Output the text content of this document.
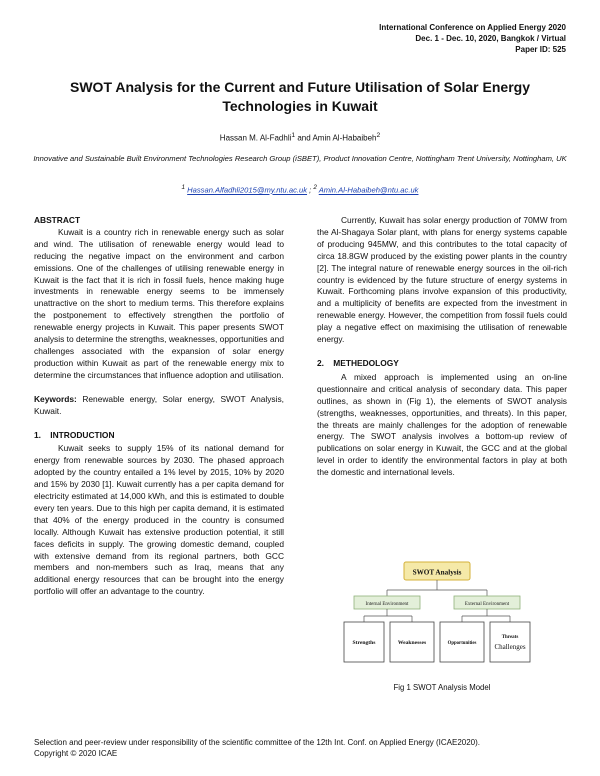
International Conference on Applied Energy 2020
Dec. 1 - Dec. 10, 2020, Bangkok / Virtual
Paper ID: 525
SWOT Analysis for the Current and Future Utilisation of Solar Energy Technologies in Kuwait
Hassan M. Al-Fadhli$^1$ and Amin Al-Habaibeh$^2$
Innovative and Sustainable Built Environment Technologies Research Group (iSBET), Product Innovation Centre, Nottingham Trent University, Nottingham, UK
$^1$ Hassan.Alfadhli2015@my.ntu.ac.uk ; $^2$ Amin.Al-Habaibeh@ntu.ac.uk

ABSTRACT

Kuwait is a country rich in renewable energy such as solar and wind. The utilisation of renewable energy would lead to reducing the negative impact on the environment and carbon emissions. One of the challenges of utilising renewable energy in Kuwait is the fact that it is rich in fossil fuels, hence making huge investments in renewable energy seems to be immensely unattractive on the short to medium terms. This therefore explains the postponement to effectively strengthen the portfolio of renewable energy projects in Kuwait. This paper presents SWOT analysis to determine the strengths, weaknesses, opportunities and challenges associated with the expansion of solar energy production within Kuwait as part of the renewable energy mix to determine the circumstances that influence adoption and utilisation.

Keywords: Renewable energy, Solar energy, SWOT Analysis, Kuwait.

1.    INTRODUCTION

Kuwait seeks to supply 15% of its national demand for energy from renewable sources by 2030. The phased approach adopted by the country entailed a 1% level by 2015, 10% by 2020 and 15% by 2030 [1]. Kuwait currently has a per capita demand for electricity estimated at 14,000 kWh, and this is estimated to double every ten years. Due to this high per capita demand, it is estimated that 40% of the energy produced in the country is consumed locally. Although Kuwait has extensive production potential, it still faces deficits in supply. The growing domestic demand, coupled with extensive demand from its regional partners, both GCC members and non-members such as Iraq, means that any additional energy resources that can be brought into the energy portfolio will offer an advantage to the country.

Currently, Kuwait has solar energy production of 70MW from the Al-Shagaya Solar plant, with plans for energy systems capable of producing 945MW, and this contributes to the total capacity of circa 18.8GW produced by the existing power plants in the country [2]. The integral nature of renewable energy sources in the oil-rich country is evidenced by the future structure of energy systems in Kuwait. Forthcoming plans involve expansion of this productivity, and a multiplicity of benefits are expected from the investment in renewable energy. However, the competition from fossil fuels could play a negative effect on maximising the utilisation of renewable energy.

2.    METHEDOLOGY

A mixed approach is implemented using an on-line questionnaire and critical analysis of secondary data. This paper outlines, as shown in (Fig 1), the elements of SWOT analysis (strengths, weaknesses, opportunities, and threats). In this paper, the threats are mainly challenges for the adoption of renewable energy. The SWOT analysis involves a bottom-up review of publications on solar energy in Kuwait, the GCC and at the global level in order to identify the environmental factors in play at both the domestic and international levels.

SWOT Analysis
Internal Environment	External Environment
Strengths	Weaknesses	Opportunities
Threats
Challenges
Fig 1 SWOT Analysis Model
Selection and peer-review under responsibility of the scientific committee of the 12th Int. Conf. on Applied Energy (ICAE2020).
Copyright © 2020 ICAE
